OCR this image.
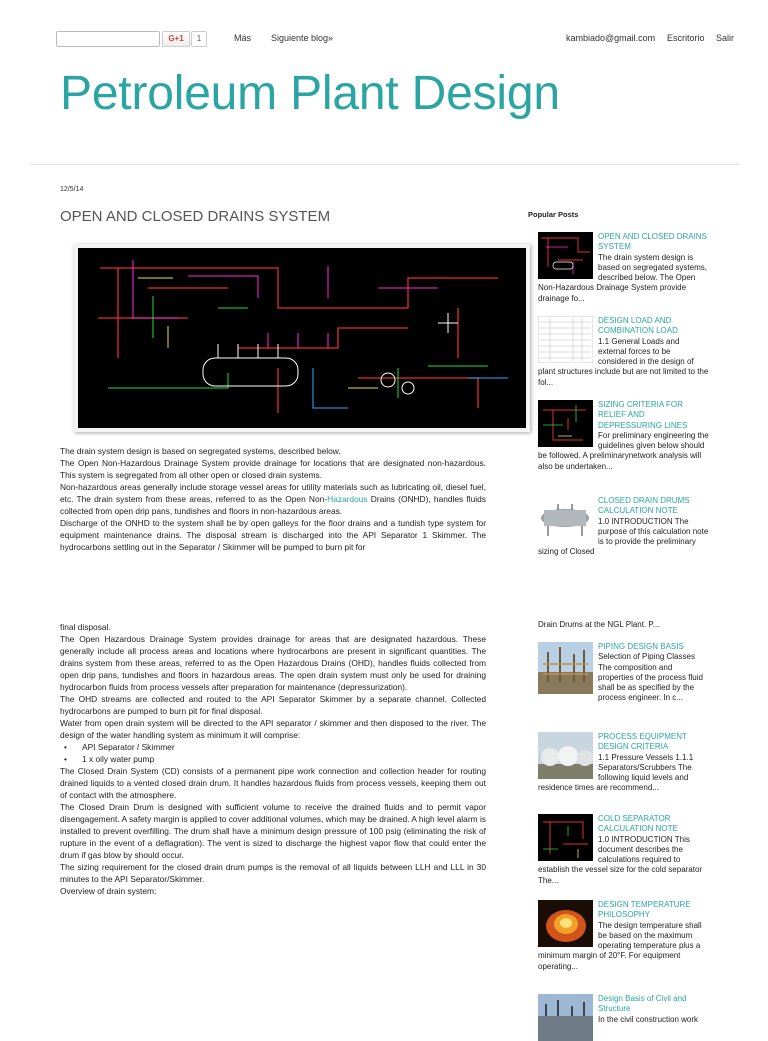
G+1	1	Más Siguiente blog»	kambiado@gmail.com Escritorio Salir
Petroleum Plant Design
12/5/14
OPEN AND CLOSED DRAINS SYSTEM

The drain system design is based on segregated systems, described below.

The Open Non-Hazardous Drainage System provide drainage for locations that are designated non-hazardous. This system is segregated from all other open or closed drain systems.

Non-hazardous areas generally include storage vessel areas for utility materials such as lubricating oil, diesel fuel, etc. The drain system from these areas, referred to as the Open Non-Hazardous Drains (ONHD), handles fluids collected from open drip pans, tundishes and floors in non-hazardous areas.

Discharge of the ONHD to the system shall be by open galleys for the floor drains and a tundish type system for equipment maintenance drains. The disposal stream is discharged into the API Separator 1 Skimmer. The hydrocarbons settling out in the Separator / Skimmer will be pumped to burn pit for

final disposal.

The Open Hazardous Drainage System provides drainage for areas that are designated hazardous. These generally include all process areas and locations where hydrocarbons are present in significant quantities. The drains system from these areas, referred to as the Open Hazardous Drains (OHD), handles fluids collected from open drip pans, tundishes and floors in hazardous areas. The open drain system must only be used for draining hydrocarbon fluids from process vessels after preparation for maintenance (depressurization).

The OHD streams are collected and routed to the API Separator Skimmer by a separate channel. Collected hydrocarbons are pumped to burn pit for final disposal.

Water from open drain system will be directed to the API separator / skimmer and then disposed to the river. The design of the water handling system as minimum it will comprise:

• API Separator / Skimmer

• 1 x oily water pump

The Closed Drain System (CD) consists of a permanent pipe work connection and collection header for routing drained liquids to a vented closed drain drum. It handles hazardous fluids from process vessels, keeping them out of contact with the atmosphere.

The Closed Drain Drum is designed with sufficient volume to receive the drained fluids and to permit vapor disengagement. A safety margin is applied to cover additional volumes, which may be drained. A high level alarm is installed to prevent overfilling. The drum shall have a minimum design pressure of 100 psig (eliminating the risk of rupture in the event of a deflagration). The vent is sized to discharge the highest vapor flow that could enter the drum if gas blow by should occur.

The sizing requirement for the closed drain drum pumps is the removal of all liquids between LLH and LLL in 30 minutes to the API Separator/Skimmer.

Overview of drain system:

Popular Posts
OPEN AND CLOSED DRAINS SYSTEM
The drain system design is based on segregated systems, described below. The Open Non-Hazardous Drainage System provide drainage fo...
DESIGN LOAD AND COMBINATION LOAD
1.1 General Loads and external forces to be considered in the design of plant structures include but are not limited to the fol...
SIZING CRITERIA FOR RELIEF AND DEPRESSURING LINES
For preliminary engineering the guidelines given below should be followed. A preliminarynetwork analysis will also be undertaken...
CLOSED DRAIN DRUMS CALCULATION NOTE
1.0 INTRODUCTION The purpose of this calculation note is to provide the preliminary sizing of Closed
Drain Drums at the NGL Plant. P...
PIPING DESIGN BASIS
Selection of Piping Classes The composition and properties of the process fluid shall be as specified by the process engineer. In c...
PROCESS EQUIPMENT DESIGN CRITERIA
1.1 Pressure Vessels 1.1.1 Separators/Scrubbers The following liquid levels and residence times are recommend...
COLD SEPARATOR CALCULATION NOTE
1.0 INTRODUCTION This document describes the calculations required to establish the vessel size for the cold separator The...
DESIGN TEMPERATURE PHILOSOPHY
The design temperature shall be based on the maximum operating temperature plus a minimum margin of 20°F. For equipment operating...
Design Basis of Civil and Structure
In the civil construction work
